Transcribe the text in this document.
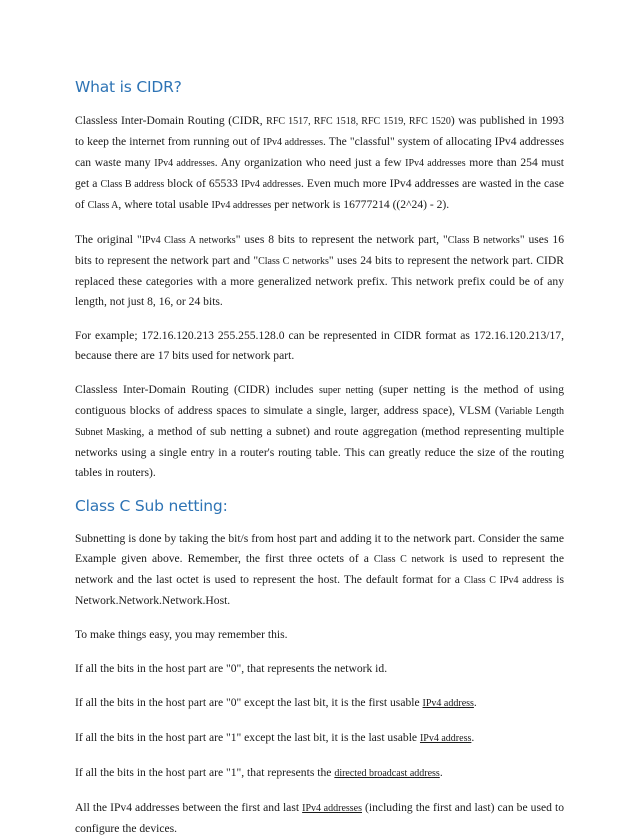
What is CIDR?

Classless Inter-Domain Routing (CIDR, RFC 1517, RFC 1518, RFC 1519, RFC 1520) was published in 1993 to keep the internet from running out of IPv4 addresses. The "classful" system of allocating IPv4 addresses can waste many IPv4 addresses. Any organization who need just a few IPv4 addresses more than 254 must get a Class B address block of 65533 IPv4 addresses. Even much more IPv4 addresses are wasted in the case of Class A, where total usable IPv4 addresses per network is 16777214 ((2^24) - 2).

The original "IPv4 Class A networks" uses 8 bits to represent the network part, "Class B networks" uses 16 bits to represent the network part and "Class C networks" uses 24 bits to represent the network part. CIDR replaced these categories with a more generalized network prefix. This network prefix could be of any length, not just 8, 16, or 24 bits.

For example; 172.16.120.213 255.255.128.0 can be represented in CIDR format as 172.16.120.213/17, because there are 17 bits used for network part.

Classless Inter-Domain Routing (CIDR) includes super netting (super netting is the method of using contiguous blocks of address spaces to simulate a single, larger, address space), VLSM (Variable Length Subnet Masking, a method of sub netting a subnet) and route aggregation (method representing multiple networks using a single entry in a router's routing table. This can greatly reduce the size of the routing tables in routers).

Class C Sub netting:

Subnetting is done by taking the bit/s from host part and adding it to the network part. Consider the same Example given above. Remember, the first three octets of a Class C network is used to represent the network and the last octet is used to represent the host. The default format for a Class C IPv4 address is Network.Network.Network.Host.

To make things easy, you may remember this.

If all the bits in the host part are "0", that represents the network id.

If all the bits in the host part are "0" except the last bit, it is the first usable IPv4 address.

If all the bits in the host part are "1" except the last bit, it is the last usable IPv4 address.

If all the bits in the host part are "1", that represents the directed broadcast address.

All the IPv4 addresses between the first and last IPv4 addresses (including the first and last) can be used to configure the devices.
